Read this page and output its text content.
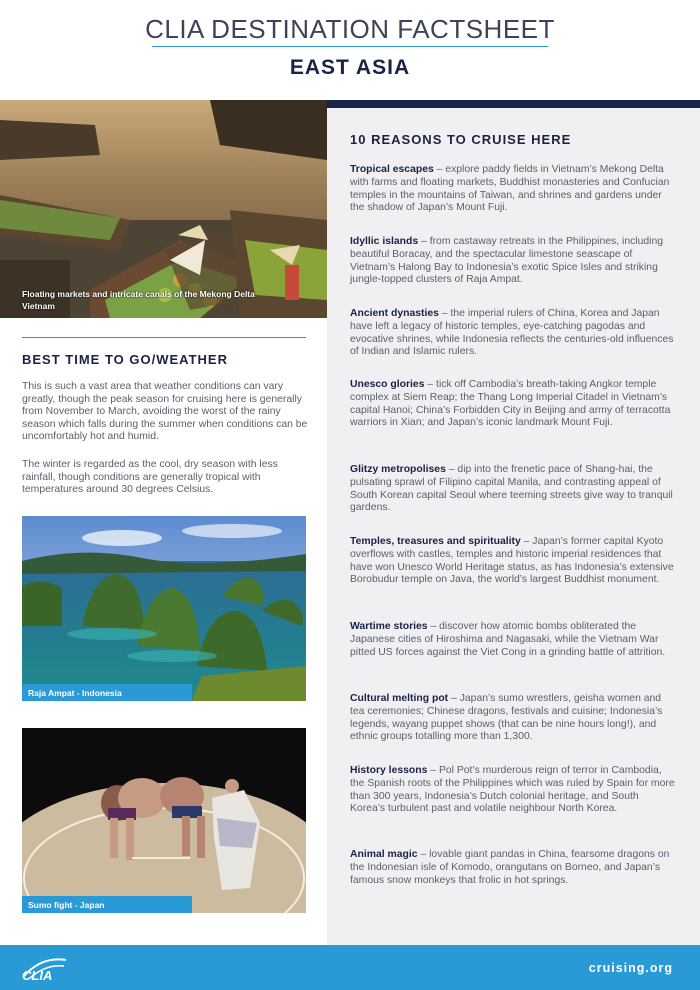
CLIA DESTINATION FACTSHEET
EAST ASIA
Floating markets and intricate canals of the Mekong Delta
Vietnam
BEST TIME TO GO/WEATHER
This is such a vast area that weather conditions can vary greatly, though the peak season for cruising here is generally from November to March, avoiding the worst of the rainy season which falls during the summer when conditions can be uncomfortably hot and humid.
The winter is regarded as the cool, dry season with less rainfall, though conditions are generally tropical with temperatures around 30 degrees Celsius.
Raja Ampat - Indonesia
Sumo fight - Japan
10 REASONS TO CRUISE HERE
Tropical escapes – explore paddy fields in Vietnam’s Mekong Delta with farms and floating markets, Buddhist monasteries and Confucian temples in the mountains of Taiwan, and shrines and gardens under the shadow of Japan’s Mount Fuji.
Idyllic islands – from castaway retreats in the Philippines, including beautiful Boracay, and the spectacular limestone seascape of Vietnam’s Halong Bay to Indonesia’s exotic Spice Isles and striking jungle-topped clusters of Raja Ampat.
Ancient dynasties – the imperial rulers of China, Korea and Japan have left a legacy of historic temples, eye-catching pagodas and evocative shrines, while Indonesia reflects the centuries-old influences of Indian and Islamic rulers.
Unesco glories – tick off Cambodia’s breath-taking Angkor temple complex at Siem Reap; the Thang Long Imperial Citadel in Vietnam’s capital Hanoi; China’s Forbidden City in Beijing and army of terracotta warriors in Xian; and Japan’s iconic landmark Mount Fuji.
Glitzy metropolises – dip into the frenetic pace of Shang-hai, the pulsating sprawl of Filipino capital Manila, and contrasting appeal of South Korean capital Seoul where teeming streets give way to tranquil gardens.
Temples, treasures and spirituality – Japan’s former capital Kyoto overflows with castles, temples and historic imperial residences that have won Unesco World Heritage status, as has Indonesia’s extensive Borobudur temple on Java, the world’s largest Buddhist monument.
Wartime stories – discover how atomic bombs obliterated the Japanese cities of Hiroshima and Nagasaki, while the Vietnam War pitted US forces against the Viet Cong in a grinding battle of attrition.
Cultural melting pot – Japan’s sumo wrestlers, geisha women and tea ceremonies; Chinese dragons, festivals and cuisine; Indonesia’s legends, wayang puppet shows (that can be nine hours long!), and ethnic groups totalling more than 1,300.
History lessons – Pol Pot’s murderous reign of terror in Cambodia, the Spanish roots of the Philippines which was ruled by Spain for more than 300 years, Indonesia’s Dutch colonial heritage, and South Korea’s turbulent past and volatile neighbour North Korea.
Animal magic – lovable giant pandas in China, fearsome dragons on the Indonesian isle of Komodo, orangutans on Borneo, and Japan’s famous snow monkeys that frolic in hot springs.
CLIA	cruising.org
